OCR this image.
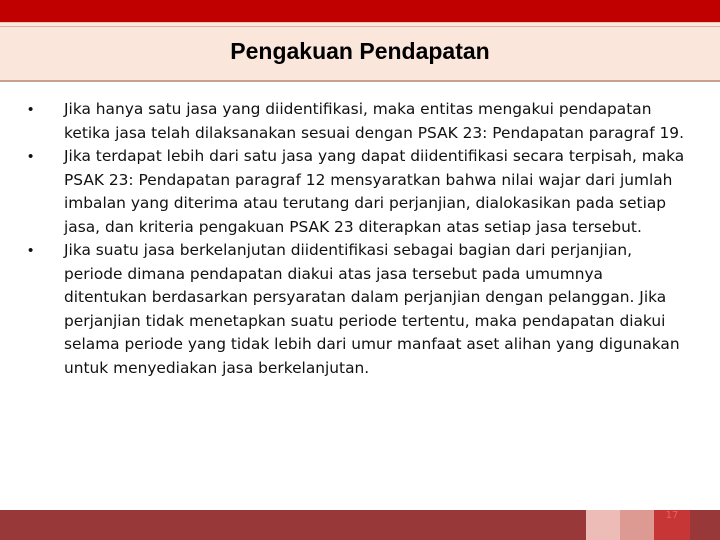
Pengakuan Pendapatan
•	Jika hanya satu jasa yang diidentifikasi, maka entitas mengakui pendapatan ketika jasa telah dilaksanakan sesuai dengan PSAK 23: Pendapatan paragraf 19.
•	Jika terdapat lebih dari satu jasa yang dapat diidentifikasi secara terpisah, maka PSAK 23: Pendapatan paragraf 12 mensyaratkan bahwa nilai wajar dari jumlah imbalan yang diterima atau terutang dari perjanjian, dialokasikan pada setiap jasa, dan kriteria pengakuan PSAK 23 diterapkan atas setiap jasa tersebut.
•	Jika suatu jasa berkelanjutan diidentifikasi sebagai bagian dari perjanjian, periode dimana pendapatan diakui atas jasa tersebut pada umumnya ditentukan berdasarkan persyaratan dalam perjanjian dengan pelanggan. Jika perjanjian tidak menetapkan suatu periode tertentu, maka pendapatan diakui selama periode yang tidak lebih dari umur manfaat aset alihan yang digunakan untuk menyediakan jasa berkelanjutan.
17
